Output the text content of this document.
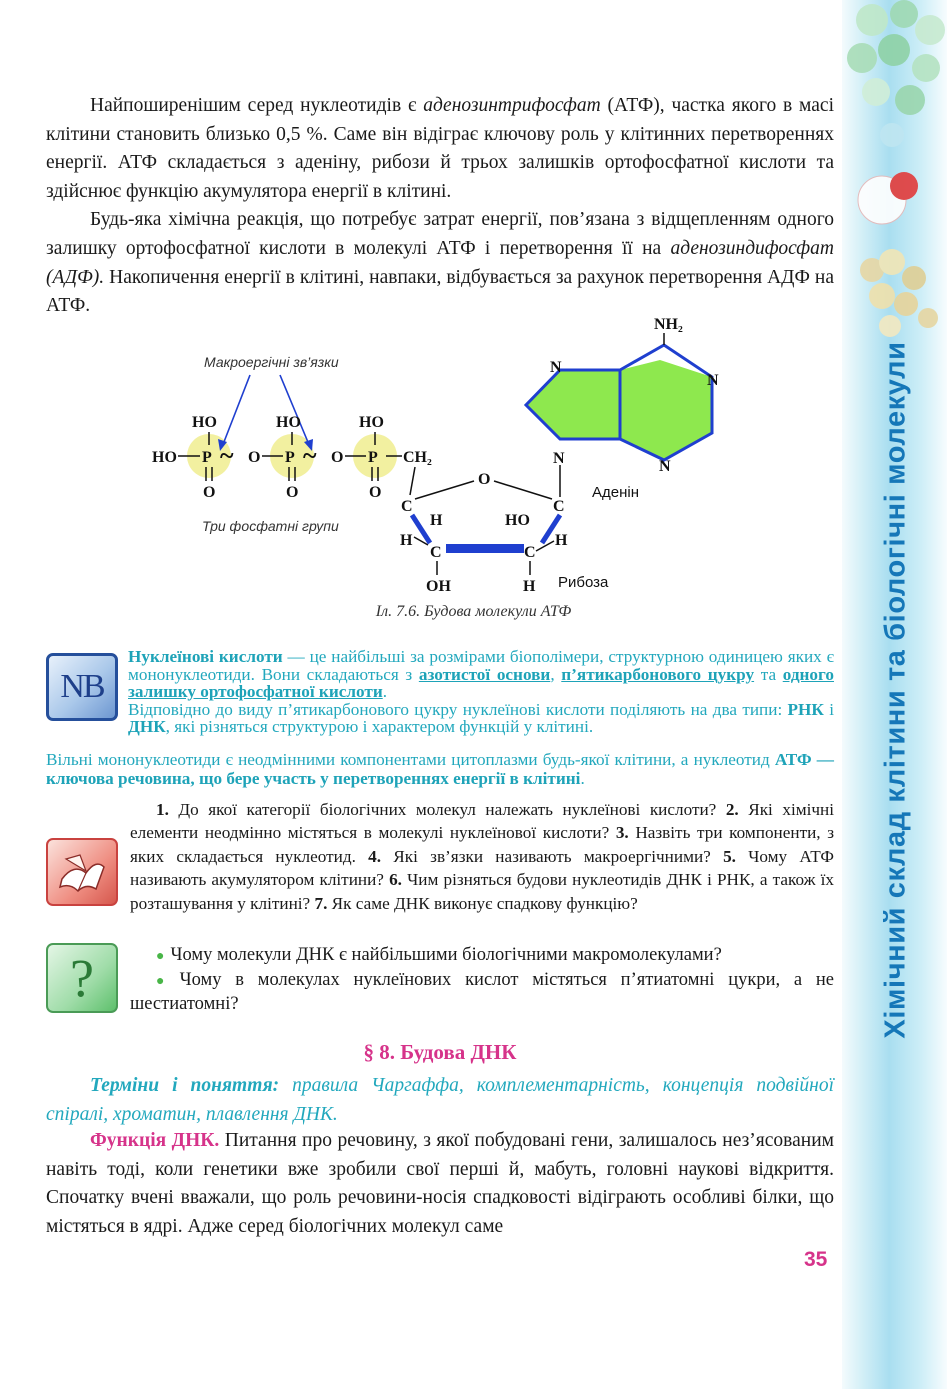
Хімічний склад клітини та біологічні молекули

Найпоширенішим серед нуклеотидів є аденозинтрифосфат (АТФ), частка якого в масі клітини становить близько 0,5 %. Саме він відіграє ключову роль у клітинних перетвореннях енергії. АТФ складається з аденіну, рибози й трьох залишків ортофосфатної кислоти та здійснює функцію акумулятора енергії в клітині.

Будь-яка хімічна реакція, що потребує затрат енергії, пов’язана з відщепленням одного залишку ортофосфатної кислоти в молекулі АТФ і перетворення її на аденозиндифосфат (АДФ). Накопичення енергії в клітині, навпаки, відбувається за рахунок перетворення АДФ на АТФ.

Макроергічні зв’язки
Три фосфатні групи
HO	HO	HO
HO P ~ O P ~ O P CH₂
O	O	O
C
O
C
C	C
H
H
HO
H
OH	H Рибоза
NH₂
N
N
N
N
Аденін
Іл. 7.6. Будова молекули АТФ
NB
Нуклеїнові кислоти — це найбільші за розмірами біополімери, структурною одиницею яких є мононуклеотиди. Вони складаються з азотистої основи, п’ятикарбонового цукру та одного залишку ортофосфатної кислоти.
Відповідно до виду п’ятикарбонового цукру нуклеїнові кислоти поділяють на два типи: РНК і ДНК, які різняться структурою і характером функцій у клітині.
Вільні мононуклеотиди є неодмінними компонентами цитоплазми будь-якої клітини, а нуклеотид АТФ — ключова речовина, що бере участь у перетвореннях енергії в клітині.
1. До якої категорії біологічних молекул належать нуклеїнові кислоти? 2. Які хімічні елементи неодмінно містяться в молекулі нуклеїнової кислоти? 3. Назвіть три компоненти, з яких складається нуклеотид. 4. Які зв’язки називають макроергічними? 5. Чому АТФ називають акумулятором клітини? 6. Чим різняться будови нуклеотидів ДНК і РНК, а також їх розташування у клітині? 7. Як саме ДНК виконує спадкову функцію?
?	● Чому молекули ДНК є найбільшими біологічними макромолекулами?
● Чому в молекулах нуклеїнових кислот містяться п’ятиатомні цукри, а не шестиатомні?
§ 8. Будова ДНК
Терміни і поняття: правила Чаргаффа, комплементарність, концепція подвійної спіралі, хроматин, плавлення ДНК.

Функція ДНК. Питання про речовину, з якої побудовані гени, залишалось нез’ясованим навіть тоді, коли генетики вже зробили свої перші й, мабуть, головні наукові відкриття. Спочатку вчені вважали, що роль речовини-носія спадковості відіграють особливі білки, що містяться в ядрі. Адже серед біологічних молекул саме

35
